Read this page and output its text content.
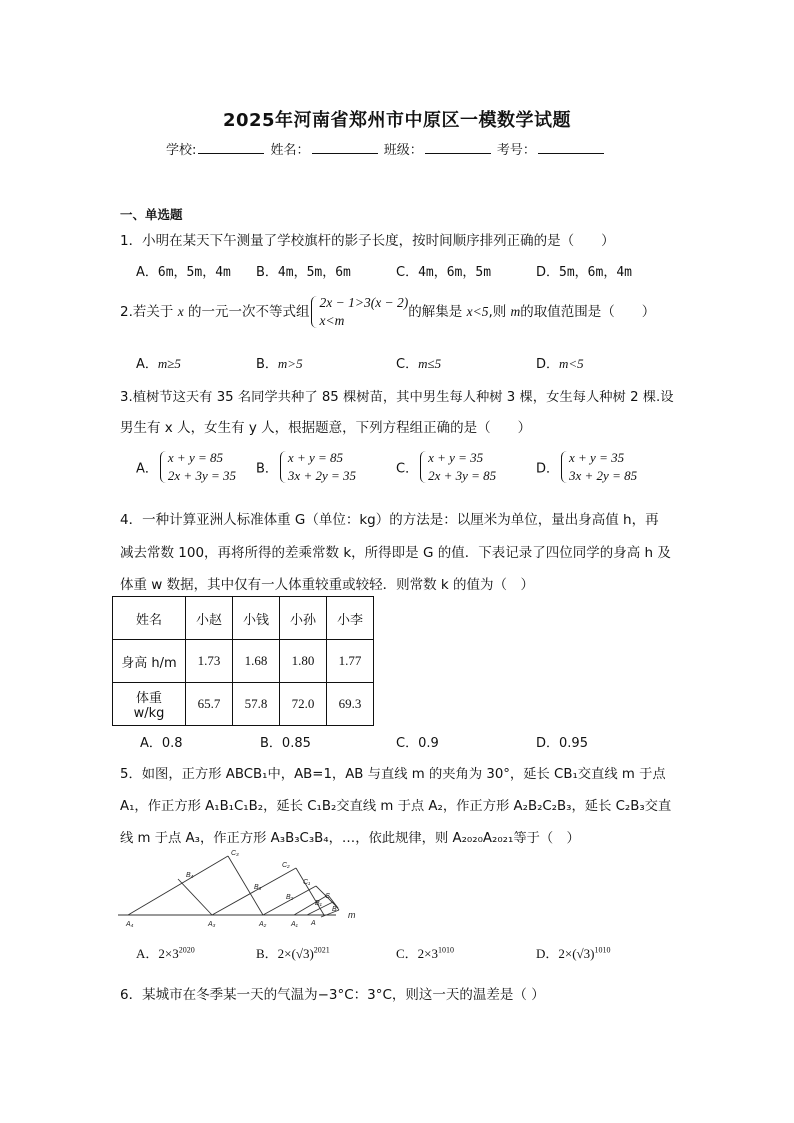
2025年河南省郑州市中原区一模数学试题
学校:	姓名：	班级：	考号：
一、单选题
1．小明在某天下午测量了学校旗杆的影子长度，按时间顺序排列正确的是（　　）
A．6m，5m，4m B．4m，5m，6m	C．4m，6m，5m	D．5m，6m，4m
2.若关于 x 的一元一次不等式组
2x − 1>3(x − 2)
x<m
的解集是 x<5,则 m的取值范围是（　　）
A．m≥5	B．m>5	C．m≤5	D．m<5
3.植树节这天有 35 名同学共种了 85 棵树苗，其中男生每人种树 3 棵，女生每人种树 2 棵.设
男生有 x 人，女生有 y 人，根据题意，下列方程组正确的是（　　）
A．
x + y = 85
2x + 3y = 35 B．
x + y = 85
3x + 2y = 35	C．
x + y = 35
2x + 3y = 85	D．
x + y = 35
3x + 2y = 85
4．一种计算亚洲人标准体重 G（单位：kg）的方法是：以厘米为单位，量出身高值 h，再
减去常数 100，再将所得的差乘常数 k，所得即是 G 的值．下表记录了四位同学的身高 h 及
体重 w 数据，其中仅有一人体重较重或较轻．则常数 k 的值为（　）
姓名	小赵	小钱	小孙	小李
身高 h/m	1.73	1.68	1.80	1.77
体重 w/kg	65.7	57.8	72.0	69.3
A．0.8	B．0.85	C．0.9	D．0.95
5．如图，正方形 ABCB₁中，AB=1，AB 与直线 m 的夹角为 30°，延长 CB₁交直线 m 于点
A₁，作正方形 A₁B₁C₁B₂，延长 C₁B₂交直线 m 于点 A₂，作正方形 A₂B₂C₂B₃，延长 C₂B₃交直
线 m 于点 A₃，作正方形 A₃B₃C₃B₄，…，依此规律，则 A₂₀₂₀A₂₀₂₁等于（　）
A₄	A₃	A₂	A₁ A
B₄
B₃
B₂
B₁
B
C₃
C₂
C₁
C
m
A．$2\times 3^{2020}$	B．$2\times(√3)^{2021}$	C．$2\times 3^{1010}$	D．$2\times(√3)^{1010}$
6．某城市在冬季某一天的气温为−3°C：3°C，则这一天的温差是（ ）
